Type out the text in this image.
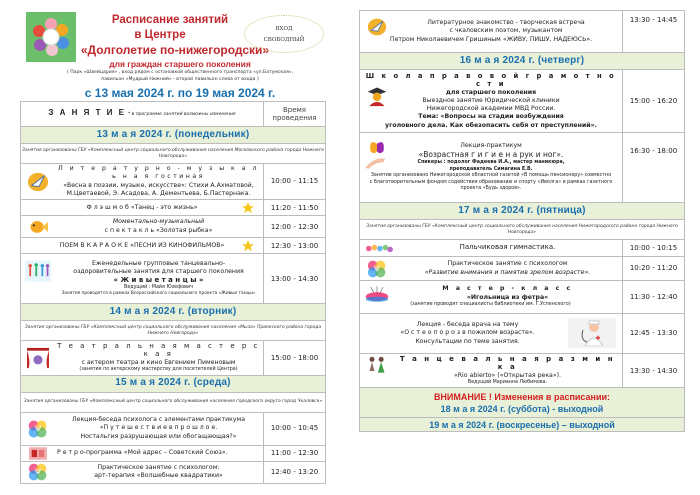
Расписание занятий
в Центре
«Долголетие по-нижегородски»
для граждан старшего поколения
ВХОД
СВОБОДНЫЙ
( Парк «Швейцария» , вход рядом с остановкой общественного транспорта «ул.Батумская»,
павильон «Мудрый Нижний» - второй павильон слева от входа )
с 13 мая 2024 г. по 19 мая 2024 г.
З А Н Я Т И Е * в программе занятий возможны изменения	Время
проведения

13 м а я 2024 г. (понедельник)	
Занятия организованы ГБУ «Комплексный центр социального обслуживания населения Московского района города Нижнего Новгорода»	

Л и т е р а т у р н о - м у з ы к а л ь н а я гостиная
«Весна в поэзии, музыке, искусстве»: Стихи А.Ахматовой,
М.Цветаевой, Э. Асадова, А. Дементьева, Б.Пастернака.	10:00 - 11:15
Ф л э ш м о б «Танец - это жизнь»	11:20 - 11:50

Моментально-музыкальный
с п е к т а к л ь «Золотая рыбка»	12:00 - 12:30
ПОЕМ В К А Р А О К Е «ПЕСНИ ИЗ КИНОФИЛЬМОВ»	12:30 - 13:00

Еженедельные групповые танцевально-
оздоровительные занятия для старшего поколения
« Ж и в ы е т а н ц ы »
Ведущий : Майя Юзефович
Занятия проводятся в рамках Всероссийского социального проекта «Живые танцы»	13:00 - 14:30
14 м а я 2024 г. (вторник)	
Занятия организованы ГБУ «Комплексный центр социального обслуживания населения «Мыза» Приокского района города Нижнего Новгорода»	

Т е а т р а л ь н а я м а с т е р с к а я
с актером театра и кино Евгением Пименовым
(занятия по актерскому мастерству для посетителей Центра)	15:00 - 18:00
15 м а я 2024 г. (среда)	
Занятия организованы ГБУ «Комплексный центр социального обслуживания населения городского округа город Чкаловск»	

Ψ
Лекция-беседа психолога с элементами практикума
«П у т е ш е с т в и е в п р о ш л о е.
Ностальгия разрушающая или обогащающая?»	10:00 - 10:45

Р е т р о-программа «Мой адрес – Советский Союз».	11:00 - 12:30

Ψ
Практическое занятие с психологом:
арт-терапия «Волшебные квадратики»	12:40 - 13:20
Литературное знакомство - творческая встреча
с чкаловским поэтом, музыкантом
Петром Николаевичем Гришиным «ЖИВУ, ПИШУ, НАДЕЮСЬ».	13:30 - 14:45
16 м а я 2024 г. (четверг)	

Ш к о л а п р а в о в о й г р а м о т н о с т и
для старшего поколения
Выездное занятие Юридической клиники
Нижегородской академии МВД России.
Тема: «Вопросы на стадии возбуждения
уголовного дела. Как обезопасить себя от преступлений».
	15:00 - 16:20

Лекция-практикум
«Возрастная г и г и е н а рук и ног».
Спикеры : подолог Фадеева И.А., мастер маникюра,
преподаватель Симагина Е.В.
Занятие организовано Нижегородской областной газетой «В помощь пенсионеру» совместно с благотворительным фондом содействия образованию и спорту «Иволга» в рамках газетного проекта «Будь здоров».	16:30 - 18:00
17 м а я 2024 г. (пятница)	
Занятия организованы ГБУ «Комплексный центр социального обслуживания населения Нижегородского района города Нижнего Новгорода»	

Пальчиковая гимнастика.	10:00 - 10:15

Ψ
Практическое занятие с психологом
«Развитие внимания и памятив зрелом возрасте».	10:20 - 11:20

М а с т е р - к л а с с
«Игольница из фетра»
(занятие проводят специалисты библиотеки им. Г.Успенского)	11:30 - 12:40

Лекция - беседа врача на тему
«О с т е о п о р о з в пожилом возрасте».
Консультации по теме занятия.	12:45 - 13:30

Т а н ц е в а л ь н а я р а з м и н к а
«Rio abierto» («Открытая река»).
Ведущий Марианна Любимова.	13:30 - 14:30

ВНИМАНИЕ ! Изменения в расписании:
18 м а я 2024 г. (суббота) - выходной	

19 м а я 2024 г. (воскресенье) – выходной	
